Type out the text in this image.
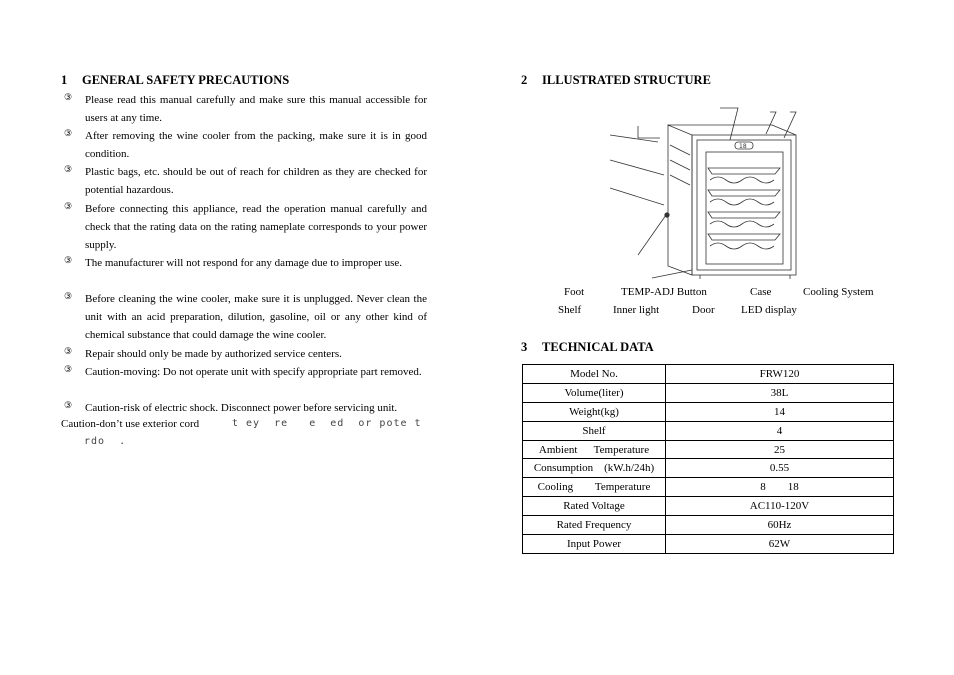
1 GENERAL SAFETY PRECAUTIONS
③ Please read this manual carefully and make sure this manual accessible for users at any time.
③ After removing the wine cooler from the packing, make sure it is in good condition.
③ Plastic bags, etc. should be out of reach for children as they are checked for potential hazardous.
③ Before connecting this appliance, read the operation manual carefully and check that the rating data on the rating nameplate corresponds to your power supply.
③ The manufacturer will not respond for any damage due to improper use.
③ Before cleaning the wine cooler, make sure it is unplugged. Never clean the unit with an acid preparation, dilution, gasoline, oil or any other kind of chemical substance that could damage the wine cooler.
③ Repair should only be made by authorized service centers.
③ Caution-moving: Do not operate unit with specify appropriate part removed.
③ Caution-risk of electric shock. Disconnect power before servicing unit.
Caution-don’t use exterior cord	t ey  re   e  ed  or pote t
rdo  .
2 ILLUSTRATED STRUCTURE
18
Foot	TEMP-ADJ Button	Case	Cooling System
Shelf	Inner light	Door LED display
3 TECHNICAL DATA
Model No.	FRW120
Volume(liter)	38L
Weight(kg)	14
Shelf	4
Ambient      Temperature	25
Consumption    (kW.h/24h)	0.55
Cooling        Temperature	8        18
Rated Voltage	AC110-120V
Rated Frequency	60Hz
Input Power	62W
